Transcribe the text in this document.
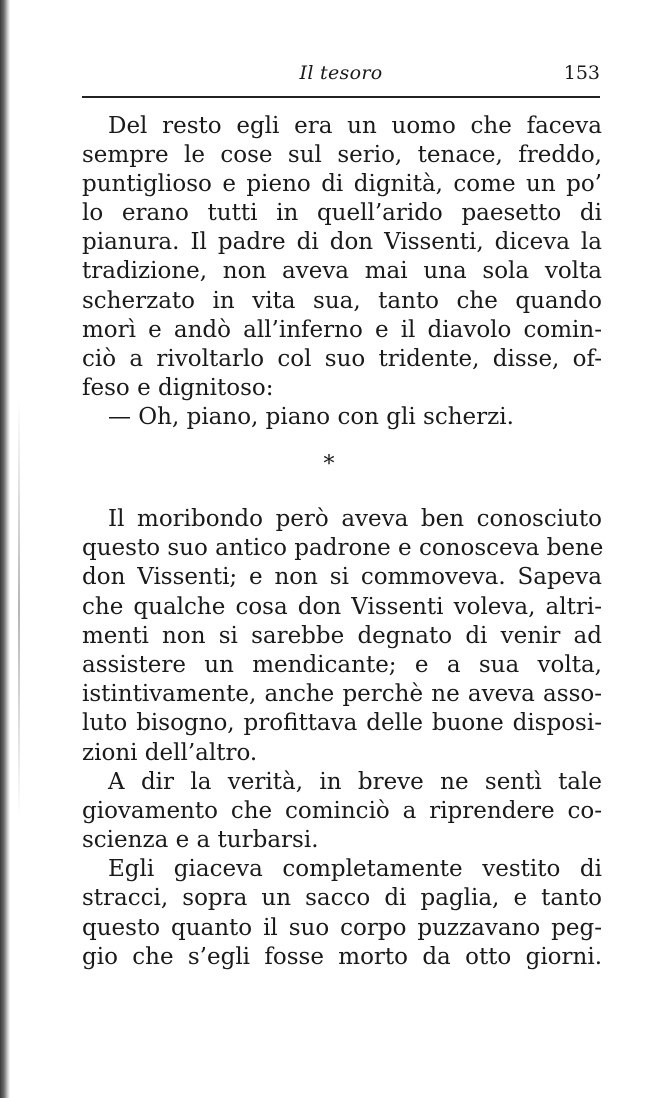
Il tesoro	153
Del resto egli era un uomo che faceva
sempre le cose sul serio, tenace, freddo,
puntiglioso e pieno di dignità, come un po’
lo erano tutti in quell’arido paesetto di
pianura. Il padre di don Vissenti, diceva la
tradizione, non aveva mai una sola volta
scherzato in vita sua, tanto che quando
morì e andò all’inferno e il diavolo comin-
ciò a rivoltarlo col suo tridente, disse, of-
feso e dignitoso:
— Oh, piano, piano con gli scherzi.
*
Il moribondo però aveva ben conosciuto
questo suo antico padrone e conosceva bene
don Vissenti; e non si commoveva. Sapeva
che qualche cosa don Vissenti voleva, altri-
menti non si sarebbe degnato di venir ad
assistere un mendicante; e a sua volta,
istintivamente, anche perchè ne aveva asso-
luto bisogno, profittava delle buone disposi-
zioni dell’altro.
A dir la verità, in breve ne sentì tale
giovamento che cominciò a riprendere co-
scienza e a turbarsi.
Egli giaceva completamente vestito di
stracci, sopra un sacco di paglia, e tanto
questo quanto il suo corpo puzzavano peg-
gio che s’egli fosse morto da otto giorni.
